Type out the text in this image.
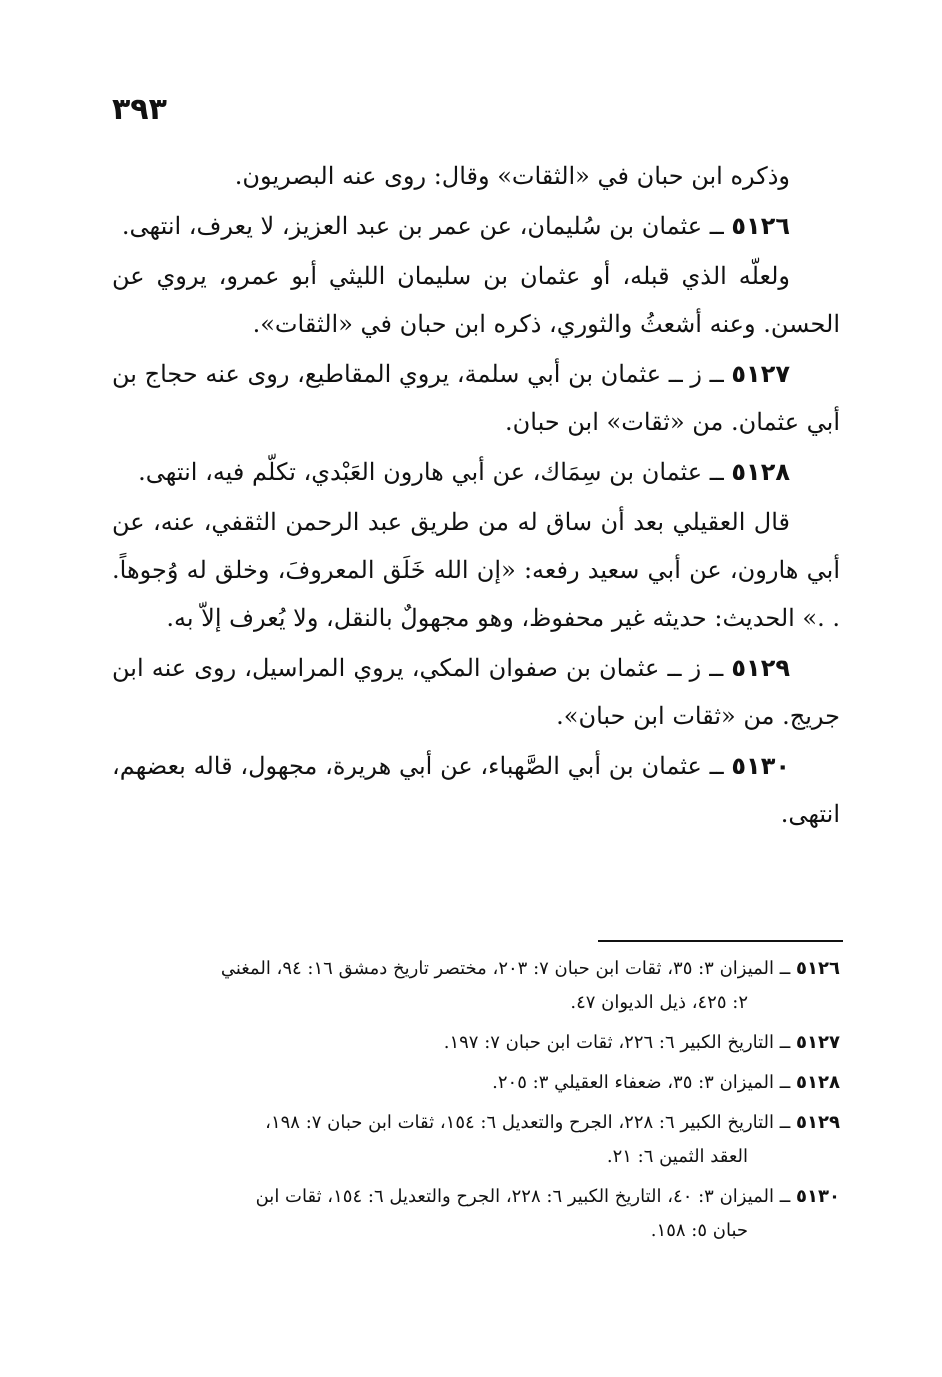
٣٩٣

وذكره ابن حبان في «الثقات» وقال: روى عنه البصريون.

٥١٢٦ ــ عثمان بن سُليمان، عن عمر بن عبد العزيز، لا يعرف، انتهى.

ولعلّه الذي قبله، أو عثمان بن سليمان الليثي أبو عمرو، يروي عن الحسن. وعنه أشعثُ والثوري، ذكره ابن حبان في «الثقات».

٥١٢٧ ــ ز ــ عثمان بن أبي سلمة، يروي المقاطيع، روى عنه حجاج بن أبي عثمان. من «ثقات» ابن حبان.

٥١٢٨ ــ عثمان بن سِمَاك، عن أبي هارون العَبْدي، تكلّم فيه، انتهى.

قال العقيلي بعد أن ساق له من طريق عبد الرحمن الثقفي، عنه، عن أبي هارون، عن أبي سعيد رفعه: «إن الله خَلَق المعروفَ، وخلق له وُجوهاً. . .» الحديث: حديثه غير محفوظ، وهو مجهولٌ بالنقل، ولا يُعرف إلاّ به.

٥١٢٩ ــ ز ــ عثمان بن صفوان المكي، يروي المراسيل، روى عنه ابن جريج. من «ثقات ابن حبان».

٥١٣٠ ــ عثمان بن أبي الصَّهباء، عن أبي هريرة، مجهول، قاله بعضهم، انتهى.

٥١٢٦ ــ الميزان ٣: ٣٥، ثقات ابن حبان ٧: ٢٠٣، مختصر تاريخ دمشق ١٦: ٩٤، المغني
٢: ٤٢٥، ذيل الديوان ٤٧.
٥١٢٧ ــ التاريخ الكبير ٦: ٢٢٦، ثقات ابن حبان ٧: ١٩٧.
٥١٢٨ ــ الميزان ٣: ٣٥، ضعفاء العقيلي ٣: ٢٠٥.
٥١٢٩ ــ التاريخ الكبير ٦: ٢٢٨، الجرح والتعديل ٦: ١٥٤، ثقات ابن حبان ٧: ١٩٨،
العقد الثمين ٦: ٢١.
٥١٣٠ ــ الميزان ٣: ٤٠، التاريخ الكبير ٦: ٢٢٨، الجرح والتعديل ٦: ١٥٤، ثقات ابن
حبان ٥: ١٥٨.
